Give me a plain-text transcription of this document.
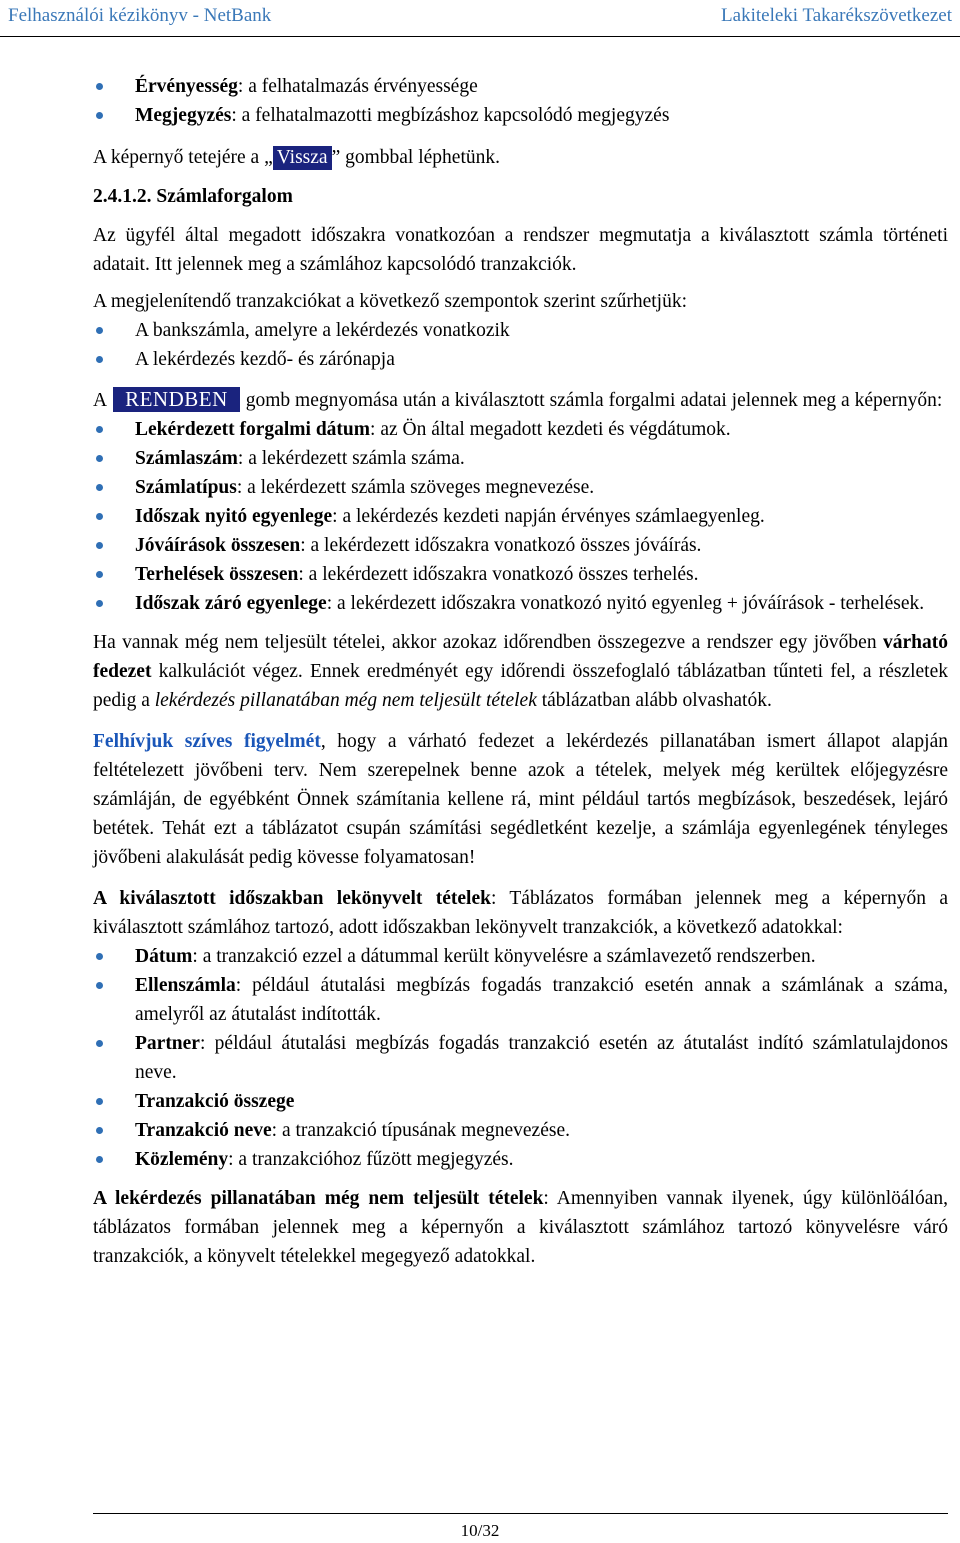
Felhasználói kézikönyv - NetBank	Lakiteleki Takarékszövetkezet
Érvényesség: a felhatalmazás érvényessége
Megjegyzés: a felhatalmazotti megbízáshoz kapcsolódó megjegyzés

A képernyő tetejére a „ Vissza ” gombbal léphetünk.

2.4.1.2. Számlaforgalom

Az ügyfél által megadott időszakra vonatkozóan a rendszer megmutatja a kiválasztott számla történeti adatait. Itt jelennek meg a számlához kapcsolódó tranzakciók.

A megjelenítendő tranzakciókat a következő szempontok szerint szűrhetjük:

A bankszámla, amelyre a lekérdezés vonatkozik
A lekérdezés kezdő- és zárónapja

A RENDBEN gomb megnyomása után a kiválasztott számla forgalmi adatai jelennek meg a képernyőn:

Lekérdezett forgalmi dátum: az Ön által megadott kezdeti és végdátumok.
Számlaszám: a lekérdezett számla száma.
Számlatípus: a lekérdezett számla szöveges megnevezése.
Időszak nyitó egyenlege: a lekérdezés kezdeti napján érvényes számlaegyenleg.
Jóváírások összesen: a lekérdezett időszakra vonatkozó összes jóváírás.
Terhelések összesen: a lekérdezett időszakra vonatkozó összes terhelés.
Időszak záró egyenlege: a lekérdezett időszakra vonatkozó nyitó egyenleg + jóváírások - terhelések.

Ha vannak még nem teljesült tételei, akkor azokaz időrendben összegezve a rendszer egy jövőben várható fedezet kalkulációt végez. Ennek eredményét egy időrendi összefoglaló táblázatban tűnteti fel, a részletek pedig a lekérdezés pillanatában még nem teljesült tételek táblázatban alább olvashatók.

Felhívjuk szíves figyelmét, hogy a várható fedezet a lekérdezés pillanatában ismert állapot alapján feltételezett jövőbeni terv. Nem szerepelnek benne azok a tételek, melyek még kerültek előjegyzésre számláján, de egyébként Önnek számítania kellene rá, mint például tartós megbízások, beszedések, lejáró betétek. Tehát ezt a táblázatot csupán számítási segédletként kezelje, a számlája egyenlegének tényleges jövőbeni alakulását pedig kövesse folyamatosan!

A kiválasztott időszakban lekönyvelt tételek: Táblázatos formában jelennek meg a képernyőn a kiválasztott számlához tartozó, adott időszakban lekönyvelt tranzakciók, a következő adatokkal:

Dátum: a tranzakció ezzel a dátummal került könyvelésre a számlavezető rendszerben.
Ellenszámla: például átutalási megbízás fogadás tranzakció esetén annak a számlának a száma, amelyről az átutalást indították.
Partner: például átutalási megbízás fogadás tranzakció esetén az átutalást indító számlatulajdonos neve.
Tranzakció összege
Tranzakció neve: a tranzakció típusának megnevezése.
Közlemény: a tranzakcióhoz fűzött megjegyzés.

A lekérdezés pillanatában még nem teljesült tételek: Amennyiben vannak ilyenek, úgy különlöálóan, táblázatos formában jelennek meg a képernyőn a kiválasztott számlához tartozó könyvelésre váró tranzakciók, a könyvelt tételekkel megegyező adatokkal.

10/32
